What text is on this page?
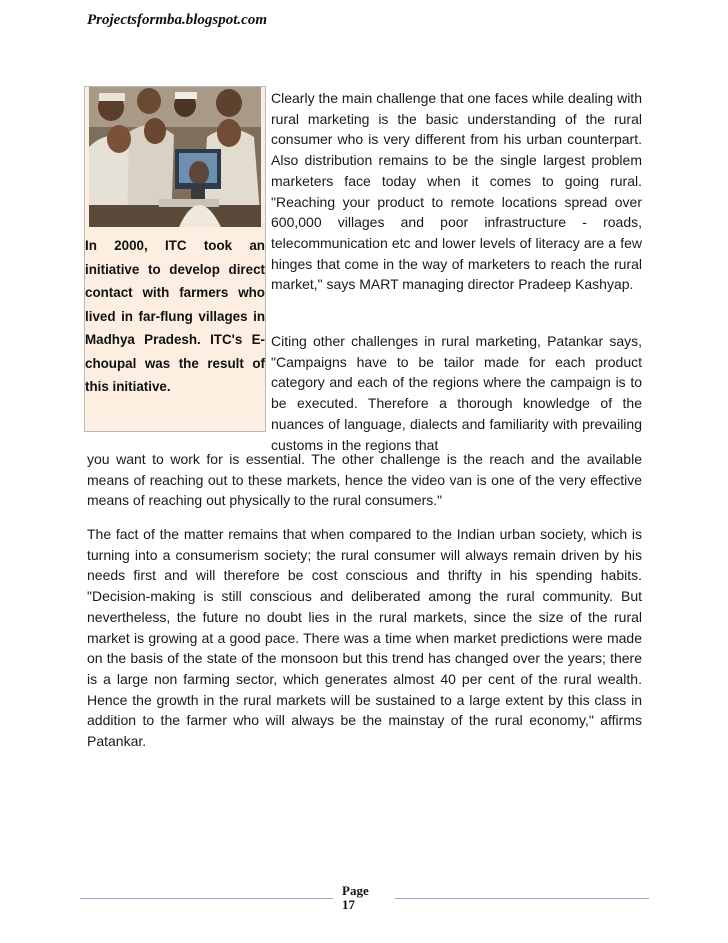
Projectsformba.blogspot.com
In 2000, ITC took an initiative to develop direct contact with farmers who lived in far-flung villages in Madhya Pradesh. ITC's E-choupal was the result of this initiative.

Clearly the main challenge that one faces while dealing with rural marketing is the basic understanding of the rural consumer who is very different from his urban counterpart. Also distribution remains to be the single largest problem marketers face today when it comes to going rural. "Reaching your product to remote locations spread over 600,000 villages and poor infrastructure - roads, telecommunication etc and lower levels of literacy are a few hinges that come in the way of marketers to reach the rural market," says MART managing director Pradeep Kashyap.

Citing other challenges in rural marketing, Patankar says, "Campaigns have to be tailor made for each product category and each of the regions where the campaign is to be executed. Therefore a thorough knowledge of the nuances of language, dialects and familiarity with prevailing customs in the regions that

you want to work for is essential. The other challenge is the reach and the available means of reaching out to these markets, hence the video van is one of the very effective means of reaching out physically to the rural consumers."

The fact of the matter remains that when compared to the Indian urban society, which is turning into a consumerism society; the rural consumer will always remain driven by his needs first and will therefore be cost conscious and thrifty in his spending habits. "Decision-making is still conscious and deliberated among the rural community. But nevertheless, the future no doubt lies in the rural markets, since the size of the rural market is growing at a good pace. There was a time when market predictions were made on the basis of the state of the monsoon but this trend has changed over the years; there is a large non farming sector, which generates almost 40 per cent of the rural wealth. Hence the growth in the rural markets will be sustained to a large extent by this class in addition to the farmer who will always be the mainstay of the rural economy," affirms Patankar.

Page
17
